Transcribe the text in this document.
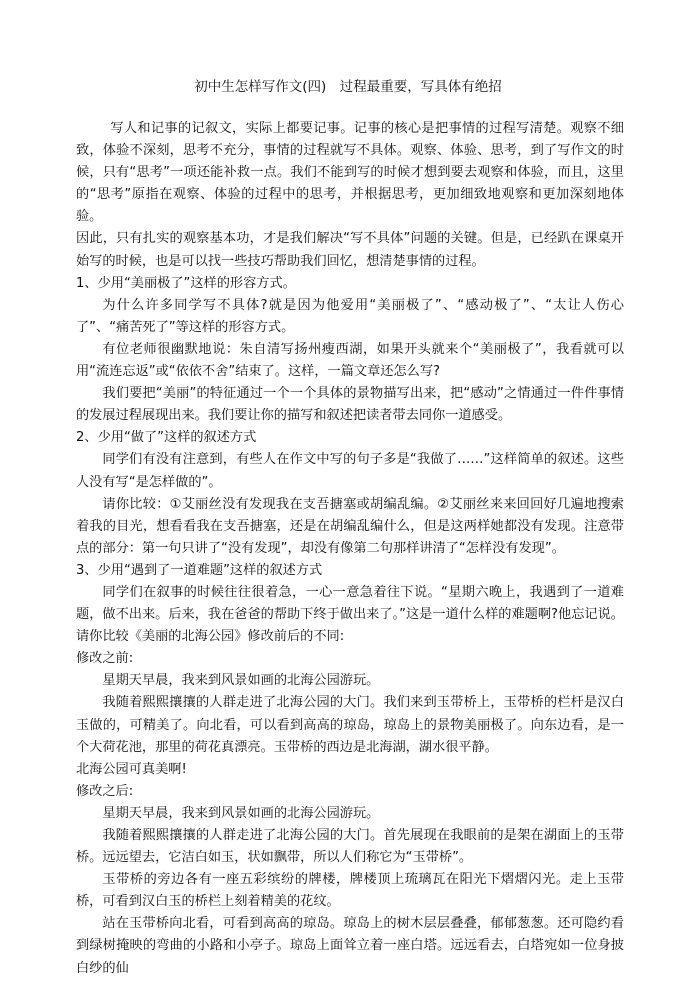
初中生怎样写作文(四)　过程最重要，写具体有绝招

写人和记事的记叙文，实际上都要记事。记事的核心是把事情的过程写清楚。观察不细致，体验不深刻，思考不充分，事情的过程就写不具体。观察、体验、思考，到了写作文的时候，只有“思考”一项还能补救一点。我们不能到写的时候才想到要去观察和体验，而且，这里的“思考”原指在观察、体验的过程中的思考，并根据思考，更加细致地观察和更加深刻地体验。

因此，只有扎实的观察基本功，才是我们解决“写不具体”问题的关键。但是，已经趴在课桌开始写的时候，也是可以找一些技巧帮助我们回忆，想清楚事情的过程。

1、少用“美丽极了”这样的形容方式。

为什么许多同学写不具体?就是因为他爱用“美丽极了”、“感动极了”、“太让人伤心了”、“痛苦死了”等这样的形容方式。

有位老师很幽默地说：朱自清写扬州瘦西湖，如果开头就来个“美丽极了”，我看就可以用“流连忘返”或“依依不舍”结束了。这样，一篇文章还怎么写?

我们要把“美丽”的特征通过一个一个具体的景物描写出来，把“感动”之情通过一件件事情的发展过程展现出来。我们要让你的描写和叙述把读者带去同你一道感受。

2、少用“做了”这样的叙述方式

同学们有没有注意到，有些人在作文中写的句子多是“我做了……”这样简单的叙述。这些人没有写“是怎样做的”。

请你比较：①艾丽丝没有发现我在支吾搪塞或胡编乱编。②艾丽丝来来回回好几遍地搜索着我的目光，想看看我在支吾搪塞，还是在胡编乱编什么，但是这两样她都没有发现。注意带点的部分：第一句只讲了“没有发现”，却没有像第二句那样讲清了“怎样没有发现”。

3、少用“遇到了一道难题”这样的叙述方式

同学们在叙事的时候往往很着急，一心一意急着往下说。“星期六晚上，我遇到了一道难题，做不出来。后来，我在爸爸的帮助下终于做出来了。”这是一道什么样的难题啊?他忘记说。请你比较《美丽的北海公园》修改前后的不同:

修改之前:

星期天早晨，我来到风景如画的北海公园游玩。

我随着熙熙攘攘的人群走进了北海公园的大门。我们来到玉带桥上，玉带桥的栏杆是汉白玉做的，可精美了。向北看，可以看到高高的琼岛，琼岛上的景物美丽极了。向东边看，是一个大荷花池，那里的荷花真漂亮。玉带桥的西边是北海湖，湖水很平静。

北海公园可真美啊!

修改之后:

星期天早晨，我来到风景如画的北海公园游玩。

我随着熙熙攘攘的人群走进了北海公园的大门。首先展现在我眼前的是架在湖面上的玉带桥。远远望去，它洁白如玉，状如飘带，所以人们称它为“玉带桥”。

玉带桥的旁边各有一座五彩缤纷的牌楼，牌楼顶上琉璃瓦在阳光下熠熠闪光。走上玉带桥，可看到汉白玉的桥栏上刻着精美的花纹。

站在玉带桥向北看，可看到高高的琼岛。琼岛上的树木层层叠叠，郁郁葱葱。还可隐约看到绿树掩映的弯曲的小路和小亭子。琼岛上面耸立着一座白塔。远远看去，白塔宛如一位身披白纱的仙
